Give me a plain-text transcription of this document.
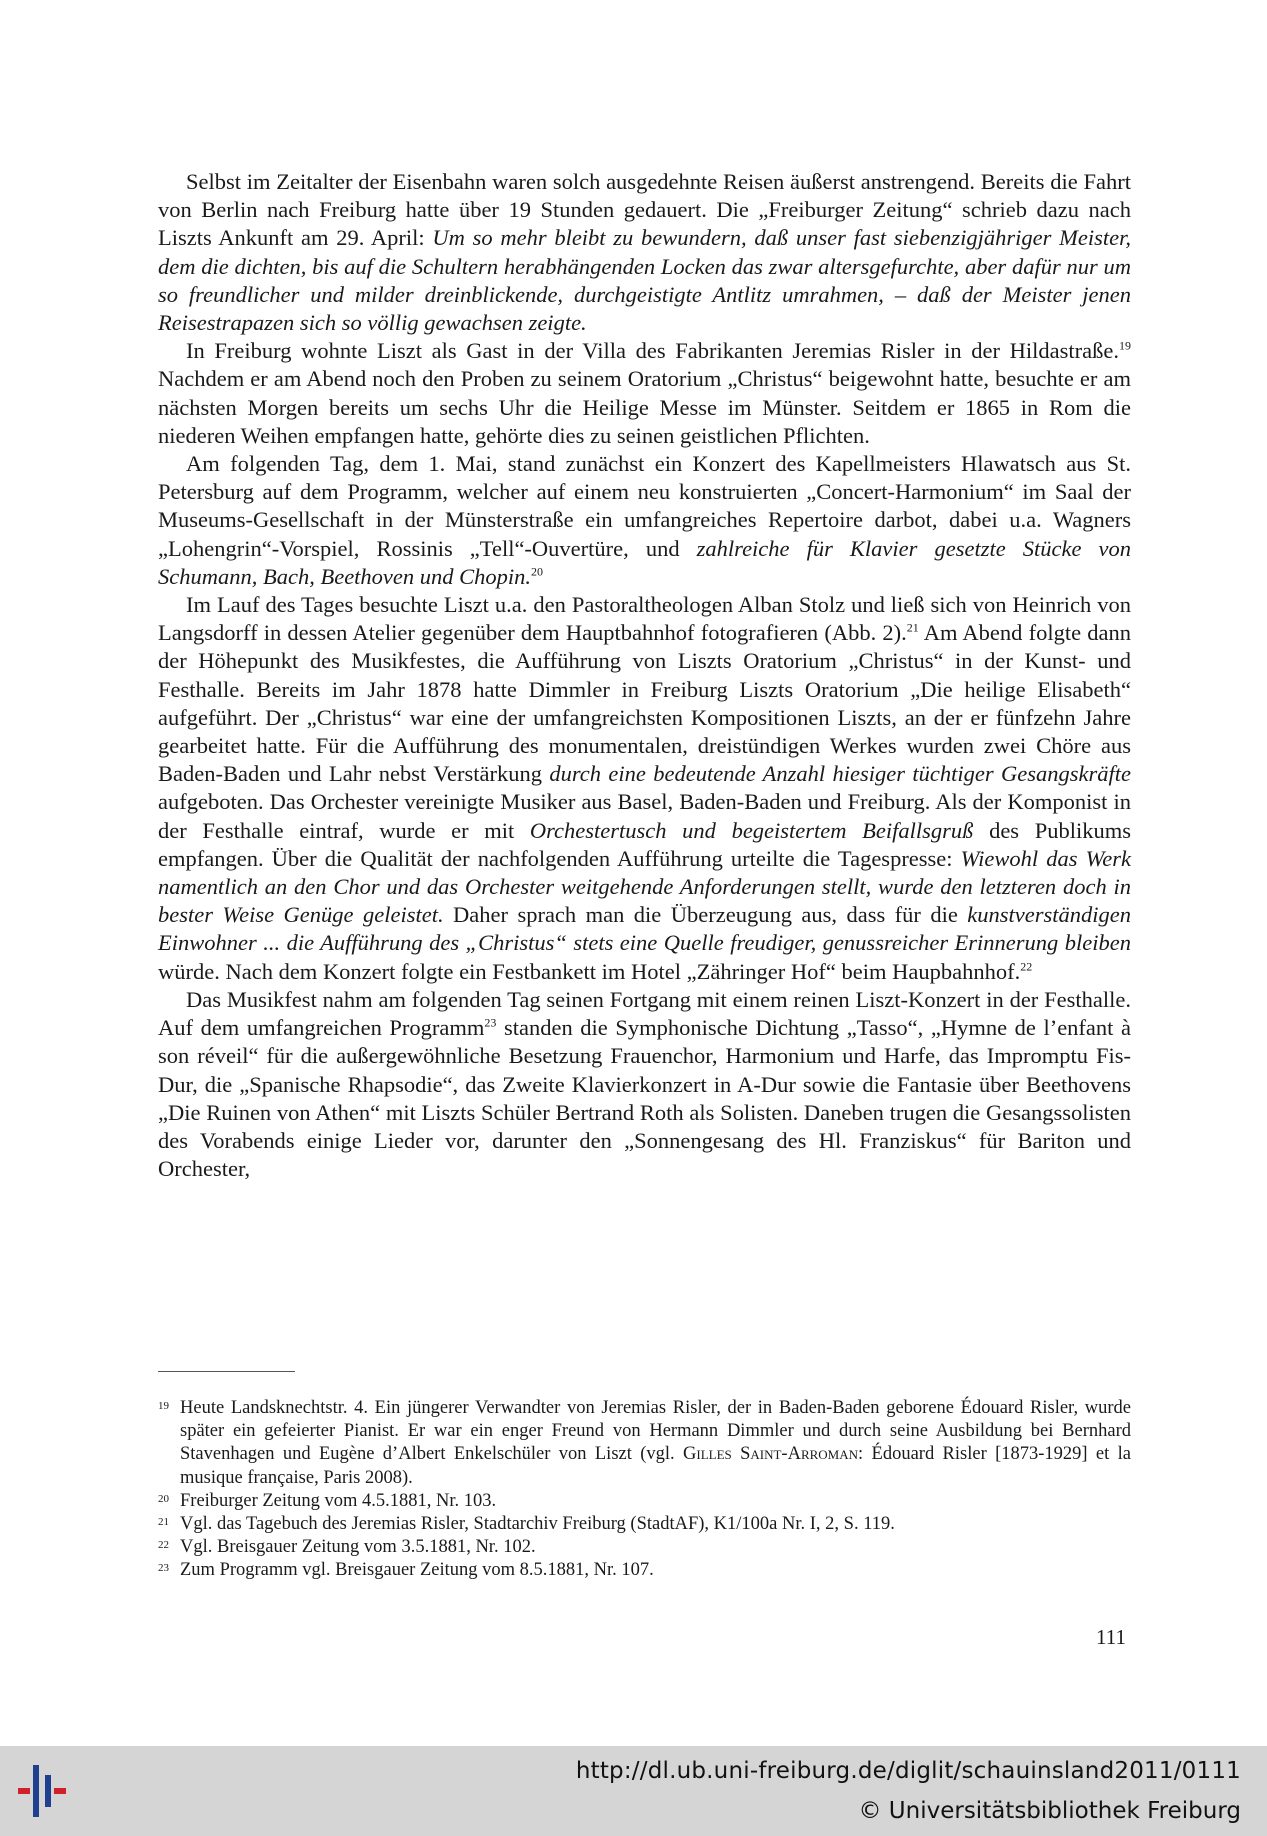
Selbst im Zeitalter der Eisenbahn waren solch ausgedehnte Reisen äußerst anstrengend. Bereits die Fahrt von Berlin nach Freiburg hatte über 19 Stunden gedauert. Die „Freiburger Zeitung“ schrieb dazu nach Liszts Ankunft am 29. April: Um so mehr bleibt zu bewundern, daß unser fast siebenzigjähriger Meister, dem die dichten, bis auf die Schultern herabhängenden Locken das zwar altersgefurchte, aber dafür nur um so freundlicher und milder dreinblickende, durchgeistigte Antlitz umrahmen, – daß der Meister jenen Reisestrapazen sich so völlig gewachsen zeigte.

In Freiburg wohnte Liszt als Gast in der Villa des Fabrikanten Jeremias Risler in der Hildastraße.$^{19}$ Nachdem er am Abend noch den Proben zu seinem Oratorium „Christus“ beigewohnt hatte, besuchte er am nächsten Morgen bereits um sechs Uhr die Heilige Messe im Münster. Seitdem er 1865 in Rom die niederen Weihen empfangen hatte, gehörte dies zu seinen geistlichen Pflichten.

Am folgenden Tag, dem 1. Mai, stand zunächst ein Konzert des Kapellmeisters Hlawatsch aus St. Petersburg auf dem Programm, welcher auf einem neu konstruierten „Concert-Harmonium“ im Saal der Museums-Gesellschaft in der Münsterstraße ein umfangreiches Repertoire darbot, dabei u.a. Wagners „Lohengrin“-Vorspiel, Rossinis „Tell“-Ouvertüre, und zahlreiche für Klavier gesetzte Stücke von Schumann, Bach, Beethoven und Chopin.$^{20}$

Im Lauf des Tages besuchte Liszt u.a. den Pastoraltheologen Alban Stolz und ließ sich von Heinrich von Langsdorff in dessen Atelier gegenüber dem Hauptbahnhof fotografieren (Abb. 2).$^{21}$ Am Abend folgte dann der Höhepunkt des Musikfestes, die Aufführung von Liszts Oratorium „Christus“ in der Kunst- und Festhalle. Bereits im Jahr 1878 hatte Dimmler in Freiburg Liszts Oratorium „Die heilige Elisabeth“ aufgeführt. Der „Christus“ war eine der umfangreichsten Kompositionen Liszts, an der er fünfzehn Jahre gearbeitet hatte. Für die Aufführung des monumentalen, dreistündigen Werkes wurden zwei Chöre aus Baden-Baden und Lahr nebst Verstärkung durch eine bedeutende Anzahl hiesiger tüchtiger Gesangskräfte aufgeboten. Das Orchester vereinigte Musiker aus Basel, Baden-Baden und Freiburg. Als der Komponist in der Festhalle eintraf, wurde er mit Orchestertusch und begeistertem Beifallsgruß des Publikums empfangen. Über die Qualität der nachfolgenden Aufführung urteilte die Tagespresse: Wiewohl das Werk namentlich an den Chor und das Orchester weitgehende Anforderungen stellt, wurde den letzteren doch in bester Weise Genüge geleistet. Daher sprach man die Überzeugung aus, dass für die kunstverständigen Einwohner ... die Aufführung des „Christus“ stets eine Quelle freudiger, genussreicher Erinnerung bleiben würde. Nach dem Konzert folgte ein Festbankett im Hotel „Zähringer Hof“ beim Haupbahnhof.$^{22}$

Das Musikfest nahm am folgenden Tag seinen Fortgang mit einem reinen Liszt-Konzert in der Festhalle. Auf dem umfangreichen Programm$^{23}$ standen die Symphonische Dichtung „Tasso“, „Hymne de l’enfant à son réveil“ für die außergewöhnliche Besetzung Frauenchor, Harmonium und Harfe, das Impromptu Fis-Dur, die „Spanische Rhapsodie“, das Zweite Klavierkonzert in A-Dur sowie die Fantasie über Beethovens „Die Ruinen von Athen“ mit Liszts Schüler Bertrand Roth als Solisten. Daneben trugen die Gesangssolisten des Vorabends einige Lieder vor, darunter den „Sonnengesang des Hl. Franziskus“ für Bariton und Orchester,

19 Heute Landsknechtstr. 4. Ein jüngerer Verwandter von Jeremias Risler, der in Baden-Baden geborene Édouard Risler, wurde später ein gefeierter Pianist. Er war ein enger Freund von Hermann Dimmler und durch seine Ausbildung bei Bernhard Stavenhagen und Eugène d’Albert Enkelschüler von Liszt (vgl. Gilles Saint-Arroman: Édouard Risler [1873-1929] et la musique française, Paris 2008).

20 Freiburger Zeitung vom 4.5.1881, Nr. 103.

21 Vgl. das Tagebuch des Jeremias Risler, Stadtarchiv Freiburg (StadtAF), K1/100a Nr. I, 2, S. 119.

22 Vgl. Breisgauer Zeitung vom 3.5.1881, Nr. 102.

23 Zum Programm vgl. Breisgauer Zeitung vom 8.5.1881, Nr. 107.

111
http://dl.ub.uni-freiburg.de/diglit/schauinsland2011/0111
© Universitätsbibliothek Freiburg
